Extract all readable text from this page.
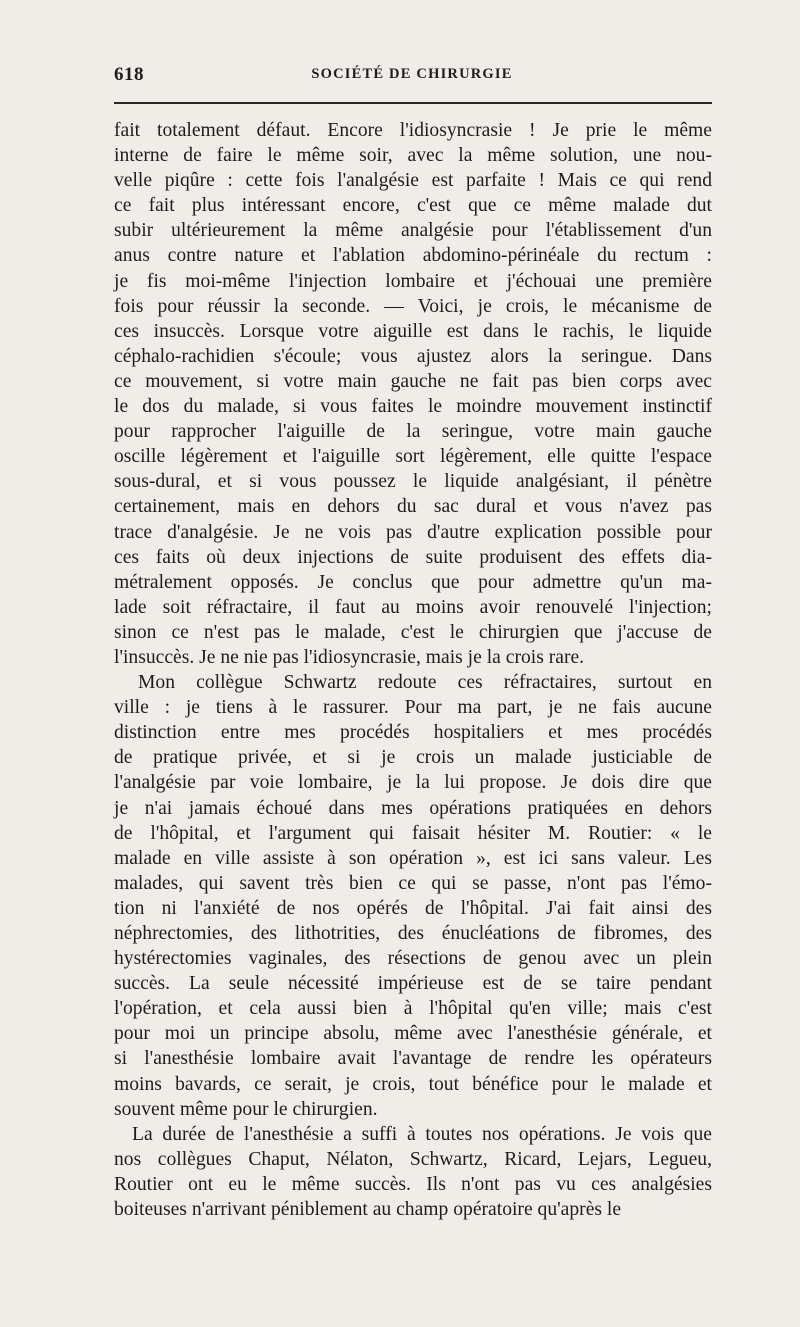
618	SOCIÉTÉ DE CHIRURGIE
fait totalement défaut. Encore l'idiosyncrasie ! Je prie le même
interne de faire le même soir, avec la même solution, une nou-
velle piqûre : cette fois l'analgésie est parfaite ! Mais ce qui rend
ce fait plus intéressant encore, c'est que ce même malade dut
subir ultérieurement la même analgésie pour l'établissement d'un
anus contre nature et l'ablation abdomino-périnéale du rectum :
je fis moi-même l'injection lombaire et j'échouai une première
fois pour réussir la seconde. — Voici, je crois, le mécanisme de
ces insuccès. Lorsque votre aiguille est dans le rachis, le liquide
céphalo-rachidien s'écoule; vous ajustez alors la seringue. Dans
ce mouvement, si votre main gauche ne fait pas bien corps avec
le dos du malade, si vous faites le moindre mouvement instinctif
pour rapprocher l'aiguille de la seringue, votre main gauche
oscille légèrement et l'aiguille sort légèrement, elle quitte l'espace
sous-dural, et si vous poussez le liquide analgésiant, il pénètre
certainement, mais en dehors du sac dural et vous n'avez pas
trace d'analgésie. Je ne vois pas d'autre explication possible pour
ces faits où deux injections de suite produisent des effets dia-
métralement opposés. Je conclus que pour admettre qu'un ma-
lade soit réfractaire, il faut au moins avoir renouvelé l'injection;
sinon ce n'est pas le malade, c'est le chirurgien que j'accuse de
l'insuccès. Je ne nie pas l'idiosyncrasie, mais je la crois rare.
Mon collègue Schwartz redoute ces réfractaires, surtout en
ville : je tiens à le rassurer. Pour ma part, je ne fais aucune
distinction entre mes procédés hospitaliers et mes procédés
de pratique privée, et si je crois un malade justiciable de
l'analgésie par voie lombaire, je la lui propose. Je dois dire que
je n'ai jamais échoué dans mes opérations pratiquées en dehors
de l'hôpital, et l'argument qui faisait hésiter M. Routier: « le
malade en ville assiste à son opération », est ici sans valeur. Les
malades, qui savent très bien ce qui se passe, n'ont pas l'émo-
tion ni l'anxiété de nos opérés de l'hôpital. J'ai fait ainsi des
néphrectomies, des lithotrities, des énucléations de fibromes, des
hystérectomies vaginales, des résections de genou avec un plein
succès. La seule nécessité impérieuse est de se taire pendant
l'opération, et cela aussi bien à l'hôpital qu'en ville; mais c'est
pour moi un principe absolu, même avec l'anesthésie générale, et
si l'anesthésie lombaire avait l'avantage de rendre les opérateurs
moins bavards, ce serait, je crois, tout bénéfice pour le malade et
souvent même pour le chirurgien.
La durée de l'anesthésie a suffi à toutes nos opérations. Je vois que
nos collègues Chaput, Nélaton, Schwartz, Ricard, Lejars, Legueu,
Routier ont eu le même succès. Ils n'ont pas vu ces analgésies
boiteuses n'arrivant péniblement au champ opératoire qu'après le
